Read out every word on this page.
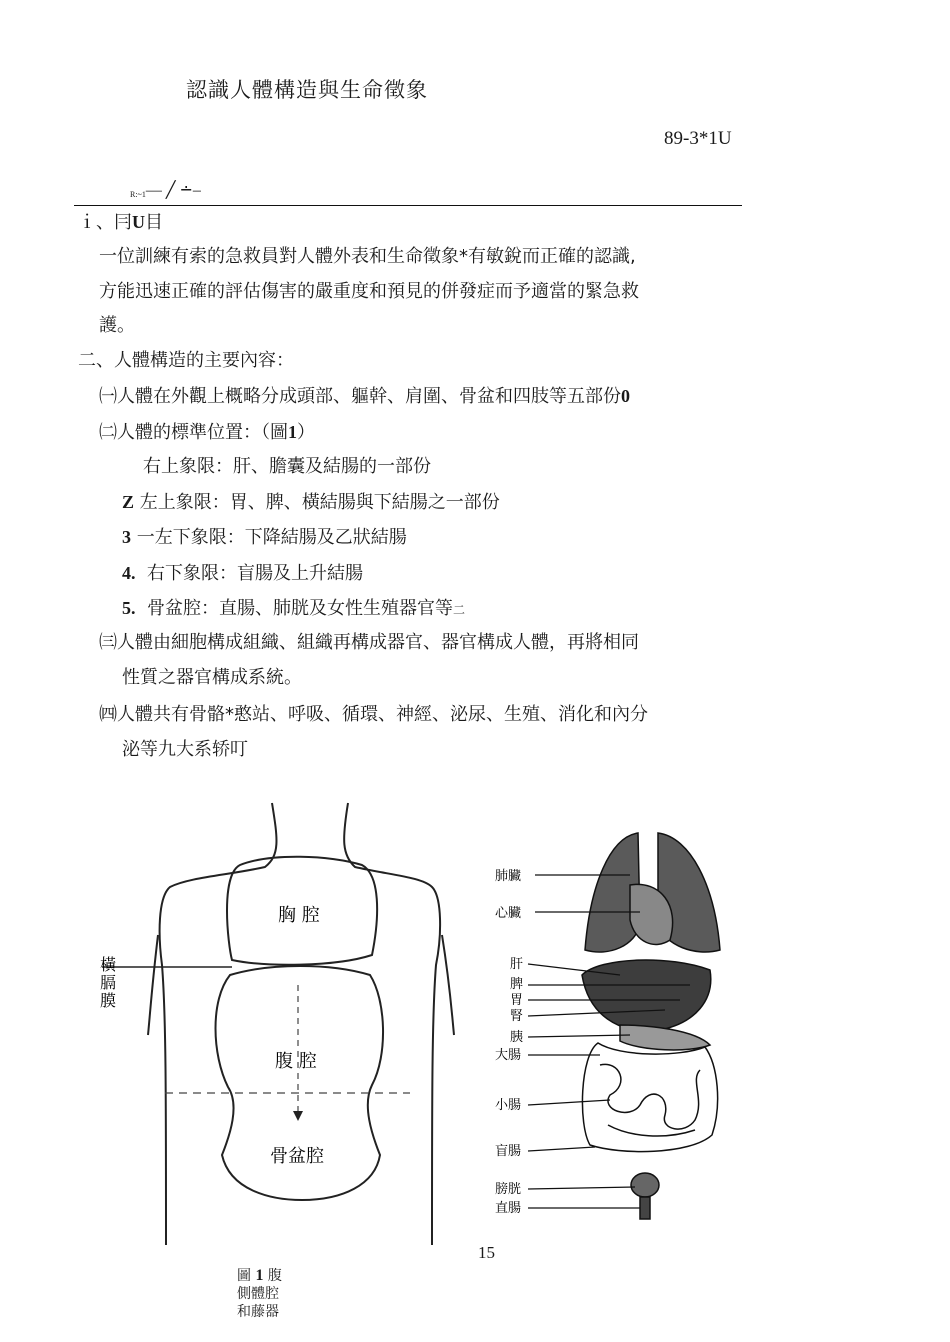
認識人體構造與生命徵象
89-3*1U
R:~1— ╱ ∸–
ｉ、冃U目
一位訓練有索的急救員對人體外表和生命徵象*有敏銳而正確的認識,
方能迅速正確的評估傷害的嚴重度和預見的併發症而予適當的緊急救
護。
二、人體構造的主要內容：
㈠人體在外觀上概略分成頭部、軀幹、肩圍、骨盆和四肢等五部份0
㈡人體的標準位置：（圖1）
右上象限：肝、膽囊及結腸的一部份
Z 左上象限：胃、脾、橫結腸與下結腸之一部份
3 一左下象限：下降結腸及乙狀結腸
4. 右下象限：盲腸及上升結腸
5. 骨盆腔：直腸、肺胱及女性生殖器官等二
㈢人體由細胞構成組織、組織再構成器官、器官構成人體，再將相同
性質之器官構成系統。
㈣人體共有骨骼*憨站、呼吸、循環、神經、泌尿、生殖、消化和內分
泌等九大系轿叮
橫
膈
膜
胸 腔
腹 腔
骨盆腔
肺臟
心臟
肝
脾
胃
腎
胰
大腸
小腸
盲腸
膀胱
直腸
15
圖 1 腹
側體腔
和藤器
